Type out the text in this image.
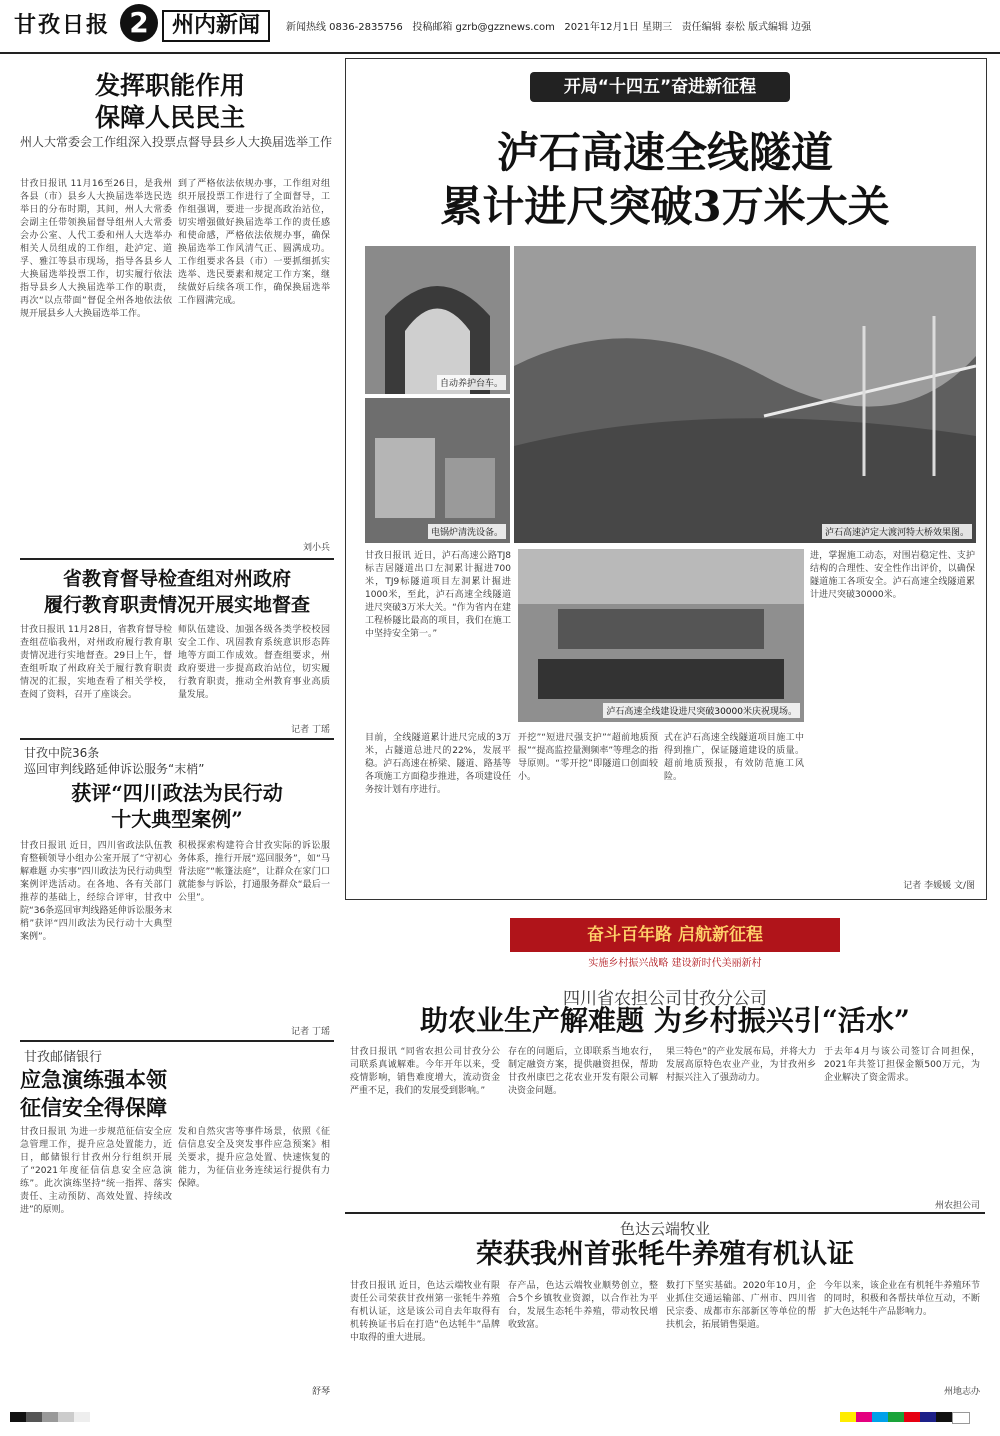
甘孜日报 2	州内新闻	新闻热线 0836-2835756 投稿邮箱 gzrb@gzznews.com 2021年12月1日 星期三 责任编辑 泰松 版式编辑 边强
发挥职能作用
保障人民民主
州人大常委会工作组深入投票点督导县乡人大换届选举工作
甘孜日报讯 11月16至26日，是我州各县（市）县乡人大换届选举选民选举日的分布时期，其间，州人大常委会副主任带领换届督导组州人大常委会办公室、人代工委和州人大选举办相关人员组成的工作组，赴泸定、道孚、雅江等县市现场，指导各县乡人大换届选举投票工作，切实履行依法指导县乡人大换届选举工作的职责，再次“以点带面”督促全州各地依法依规开展县乡人大换届选举工作。
到了严格依法依规办事，工作组对组织开展投票工作进行了全面督导，工作组强调，要进一步提高政治站位，切实增强做好换届选举工作的责任感和使命感，严格依法依规办事，确保换届选举工作风清气正、圆满成功。工作组要求各县（市）一要抓细抓实选举、选民要素和规定工作方案，继续做好后续各项工作，确保换届选举工作圆满完成。
刘小兵
省教育督导检查组对州政府
履行教育职责情况开展实地督查
甘孜日报讯 11月28日，省教育督导检查组莅临我州，对州政府履行教育职责情况进行实地督查。29日上午，督查组听取了州政府关于履行教育职责情况的汇报，实地查看了相关学校，查阅了资料，召开了座谈会。
师队伍建设、加强各级各类学校校园安全工作、巩固教育系统意识形态阵地等方面工作成效。督查组要求，州政府要进一步提高政治站位，切实履行教育职责，推动全州教育事业高质量发展。
记者 丁瑶
甘孜中院36条
巡回审判线路延伸诉讼服务“末梢”
获评“四川政法为民行动
十大典型案例”
甘孜日报讯 近日，四川省政法队伍教育整顿领导小组办公室开展了“守初心 解难题 办实事”四川政法为民行动典型案例评选活动。在各地、各有关部门推荐的基础上，经综合评审，甘孜中院“36条巡回审判线路延伸诉讼服务末梢”获评“四川政法为民行动十大典型案例”。
积极探索构建符合甘孜实际的诉讼服务体系，推行开展“巡回服务”，如“马背法庭”“帐篷法庭”，让群众在家门口就能参与诉讼，打通服务群众“最后一公里”。
记者 丁瑶
甘孜邮储银行
应急演练强本领
征信安全得保障
甘孜日报讯 为进一步规范征信安全应急管理工作，提升应急处置能力，近日，邮储银行甘孜州分行组织开展了“2021年度征信信息安全应急演练”。此次演练坚持“统一指挥、落实责任、主动预防、高效处置、持续改进”的原则。
发和自然灾害等事件场景，依照《征信信息安全及突发事件应急预案》相关要求，提升应急处置、快速恢复的能力，为征信业务连续运行提供有力保障。
舒琴
开局“十四五”奋进新征程
泸石高速全线隧道
累计进尺突破3万米大关
自动养护台车。
电锅炉清洗设备。	泸石高速泸定大渡河特大桥效果图。
泸石高速全线建设进尺突破30000米庆祝现场。
甘孜日报讯 近日，泸石高速公路TJ8标吉居隧道出口左洞累计掘进700米，TJ9标隧道项目左洞累计掘进1000米，至此，泸石高速全线隧道进尺突破3万米大关。“作为省内在建工程桥隧比最高的项目，我们在施工中坚持安全第一。”
进，掌握施工动态，对围岩稳定性、支护结构的合理性、安全性作出评价，以确保隧道施工各项安全。泸石高速全线隧道累计进尺突破30000米。
目前，全线隧道累计进尺完成的3万米，占隧道总进尺的22%，发展平稳。泸石高速在桥梁、隧道、路基等各项施工方面稳步推进，各项建设任务按计划有序进行。
开挖”“短进尺强支护”“超前地质预报”“提高监控量测频率”等理念的指导原则。“零开挖”即隧道口创面较小。
式在泸石高速全线隧道项目施工中得到推广，保证隧道建设的质量。超前地质预报，有效防范施工风险。
记者 李媛媛 文/图
奋斗百年路 启航新征程
实施乡村振兴战略 建设新时代美丽新村
四川省农担公司甘孜分公司
助农业生产解难题 为乡村振兴引“活水”
甘孜日报讯 “同省农担公司甘孜分公司联系真诚解难。今年开年以来，受疫情影响，销售难度增大，流动资金严重不足，我们的发展受到影响。”
存在的问题后，立即联系当地农行，制定融资方案，提供融资担保，帮助甘孜州康巴之花农业开发有限公司解决资金问题。
果三特色”的产业发展布局，并将大力发展高原特色农业产业，为甘孜州乡村振兴注入了强劲动力。
于去年4月与该公司签订合同担保，2021年共签订担保金额500万元，为企业解决了资金需求。
州农担公司
色达云端牧业
荣获我州首张牦牛养殖有机认证
甘孜日报讯 近日，色达云端牧业有限责任公司荣获甘孜州第一张牦牛养殖有机认证，这是该公司自去年取得有机转换证书后在打造“色达牦牛”品牌中取得的重大进展。
存产品，色达云端牧业顺势创立，整合5个乡镇牧业资源，以合作社为平台，发展生态牦牛养殖，带动牧民增收致富。
数打下坚实基础。2020年10月，企业抓住交通运输部、广州市、四川省民宗委、成都市东部新区等单位的帮扶机会，拓展销售渠道。
今年以来，该企业在有机牦牛养殖环节的同时，积极和各帮扶单位互动，不断扩大色达牦牛产品影响力。
州地志办
